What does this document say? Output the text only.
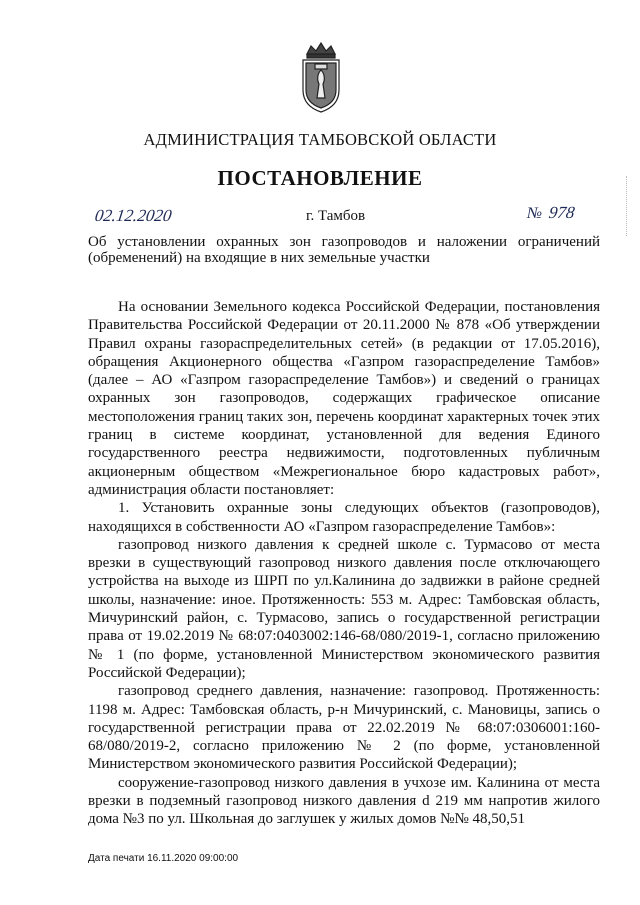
АДМИНИСТРАЦИЯ ТАМБОВСКОЙ ОБЛАСТИ
ПОСТАНОВЛЕНИЕ
02.12.2020	г. Тамбов	№ 978
Об установлении охранных зон газопроводов и наложении ограничений (обременений) на входящие в них земельные участки

На основании Земельного кодекса Российской Федерации, постановления Правительства Российской Федерации от 20.11.2000 № 878 «Об утверждении Правил охраны газораспределительных сетей» (в редакции от 17.05.2016), обращения Акционерного общества «Газпром газораспределение Тамбов» (далее – АО «Газпром газораспределение Тамбов») и сведений о границах охранных зон газопроводов, содержащих графическое описание местоположения границ таких зон, перечень координат характерных точек этих границ в системе координат, установленной для ведения Единого государственного реестра недвижимости, подготовленных публичным акционерным обществом «Межрегиональное бюро кадастровых работ», администрация области постановляет:

1. Установить охранные зоны следующих объектов (газопроводов), находящихся в собственности АО «Газпром газораспределение Тамбов»:

газопровод низкого давления к средней школе с. Турмасово от места врезки в существующий газопровод низкого давления после отключающего устройства на выходе из ШРП по ул.Калинина до задвижки в районе средней школы, назначение: иное. Протяженность: 553 м. Адрес: Тамбовская область, Мичуринский район, с. Турмасово, запись о государственной регистрации права от 19.02.2019 № 68:07:0403002:146-68/080/2019-1, согласно приложению № 1 (по форме, установленной Министерством экономического развития Российской Федерации);

газопровод среднего давления, назначение: газопровод. Протяженность: 1198 м. Адрес: Тамбовская область, р-н Мичуринский, с. Мановицы, запись о государственной регистрации права от 22.02.2019 № 68:07:0306001:160-68/080/2019-2, согласно приложению № 2 (по форме, установленной Министерством экономического развития Российской Федерации);

сооружение-газопровод низкого давления в учхозе им. Калинина от места врезки в подземный газопровод низкого давления d 219 мм напротив жилого дома №3 по ул. Школьная до заглушек у жилых домов №№ 48,50,51

Дата печати 16.11.2020 09:00:00
